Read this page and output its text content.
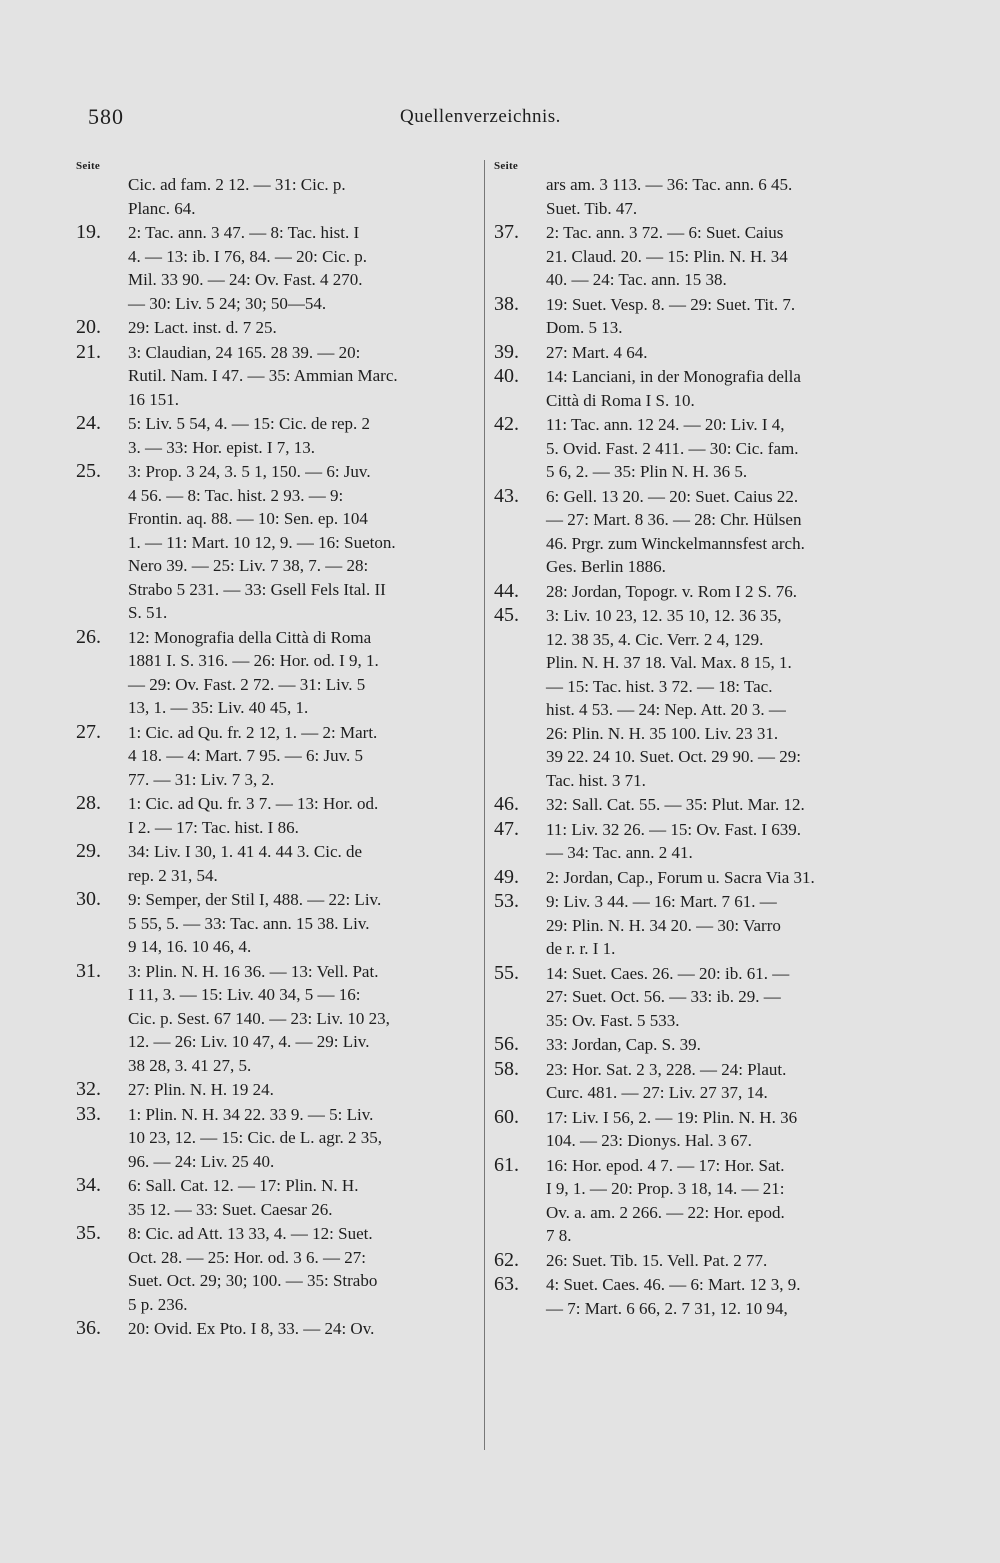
580	Quellenverzeichnis.
Seite
Cic. ad fam. 2 12. — 31: Cic. p.
Planc. 64.
19.	2: Tac. ann. 3 47. — 8: Tac. hist. I
4. — 13: ib. I 76, 84. — 20: Cic. p.
Mil. 33 90. — 24: Ov. Fast. 4 270.
— 30: Liv. 5 24; 30; 50—54.
20.	29: Lact. inst. d. 7 25.
21.	3: Claudian, 24 165. 28 39. — 20:
Rutil. Nam. I 47. — 35: Ammian Marc.
16 151.
24.	5: Liv. 5 54, 4. — 15: Cic. de rep. 2
3. — 33: Hor. epist. I 7, 13.
25.	3: Prop. 3 24, 3. 5 1, 150. — 6: Juv.
4 56. — 8: Tac. hist. 2 93. — 9:
Frontin. aq. 88. — 10: Sen. ep. 104
1. — 11: Mart. 10 12, 9. — 16: Sueton.
Nero 39. — 25: Liv. 7 38, 7. — 28:
Strabo 5 231. — 33: Gsell Fels Ital. II
S. 51.
26.	12: Monografia della Città di Roma
1881 I. S. 316. — 26: Hor. od. I 9, 1.
— 29: Ov. Fast. 2 72. — 31: Liv. 5
13, 1. — 35: Liv. 40 45, 1.
27.	1: Cic. ad Qu. fr. 2 12, 1. — 2: Mart.
4 18. — 4: Mart. 7 95. — 6: Juv. 5
77. — 31: Liv. 7 3, 2.
28.	1: Cic. ad Qu. fr. 3 7. — 13: Hor. od.
I 2. — 17: Tac. hist. I 86.
29.	34: Liv. I 30, 1. 41 4. 44 3. Cic. de
rep. 2 31, 54.
30.	9: Semper, der Stil I, 488. — 22: Liv.
5 55, 5. — 33: Tac. ann. 15 38. Liv.
9 14, 16. 10 46, 4.
31.	3: Plin. N. H. 16 36. — 13: Vell. Pat.
I 11, 3. — 15: Liv. 40 34, 5 — 16:
Cic. p. Sest. 67 140. — 23: Liv. 10 23,
12. — 26: Liv. 10 47, 4. — 29: Liv.
38 28, 3. 41 27, 5.
32.	27: Plin. N. H. 19 24.
33.	1: Plin. N. H. 34 22. 33 9. — 5: Liv.
10 23, 12. — 15: Cic. de L. agr. 2 35,
96. — 24: Liv. 25 40.
34.	6: Sall. Cat. 12. — 17: Plin. N. H.
35 12. — 33: Suet. Caesar 26.
35.	8: Cic. ad Att. 13 33, 4. — 12: Suet.
Oct. 28. — 25: Hor. od. 3 6. — 27:
Suet. Oct. 29; 30; 100. — 35: Strabo
5 p. 236.
36.	20: Ovid. Ex Pto. I 8, 33. — 24: Ov.
Seite
ars am. 3 113. — 36: Tac. ann. 6 45.
Suet. Tib. 47.
37.	2: Tac. ann. 3 72. — 6: Suet. Caius
21. Claud. 20. — 15: Plin. N. H. 34
40. — 24: Tac. ann. 15 38.
38.	19: Suet. Vesp. 8. — 29: Suet. Tit. 7.
Dom. 5 13.
39.	27: Mart. 4 64.
40.	14: Lanciani, in der Monografia della
Città di Roma I S. 10.
42.	11: Tac. ann. 12 24. — 20: Liv. I 4,
5. Ovid. Fast. 2 411. — 30: Cic. fam.
5 6, 2. — 35: Plin N. H. 36 5.
43.	6: Gell. 13 20. — 20: Suet. Caius 22.
— 27: Mart. 8 36. — 28: Chr. Hülsen
46. Prgr. zum Winckelmannsfest arch.
Ges. Berlin 1886.
44.	28: Jordan, Topogr. v. Rom I 2 S. 76.
45.	3: Liv. 10 23, 12. 35 10, 12. 36 35,
12. 38 35, 4. Cic. Verr. 2 4, 129.
Plin. N. H. 37 18. Val. Max. 8 15, 1.
— 15: Tac. hist. 3 72. — 18: Tac.
hist. 4 53. — 24: Nep. Att. 20 3. —
26: Plin. N. H. 35 100. Liv. 23 31.
39 22. 24 10. Suet. Oct. 29 90. — 29:
Tac. hist. 3 71.
46.	32: Sall. Cat. 55. — 35: Plut. Mar. 12.
47.	11: Liv. 32 26. — 15: Ov. Fast. I 639.
— 34: Tac. ann. 2 41.
49.	2: Jordan, Cap., Forum u. Sacra Via 31.
53.	9: Liv. 3 44. — 16: Mart. 7 61. —
29: Plin. N. H. 34 20. — 30: Varro
de r. r. I 1.
55.	14: Suet. Caes. 26. — 20: ib. 61. —
27: Suet. Oct. 56. — 33: ib. 29. —
35: Ov. Fast. 5 533.
56.	33: Jordan, Cap. S. 39.
58.	23: Hor. Sat. 2 3, 228. — 24: Plaut.
Curc. 481. — 27: Liv. 27 37, 14.
60.	17: Liv. I 56, 2. — 19: Plin. N. H. 36
104. — 23: Dionys. Hal. 3 67.
61.	16: Hor. epod. 4 7. — 17: Hor. Sat.
I 9, 1. — 20: Prop. 3 18, 14. — 21:
Ov. a. am. 2 266. — 22: Hor. epod.
7 8.
62.	26: Suet. Tib. 15. Vell. Pat. 2 77.
63.	4: Suet. Caes. 46. — 6: Mart. 12 3, 9.
— 7: Mart. 6 66, 2. 7 31, 12. 10 94,
